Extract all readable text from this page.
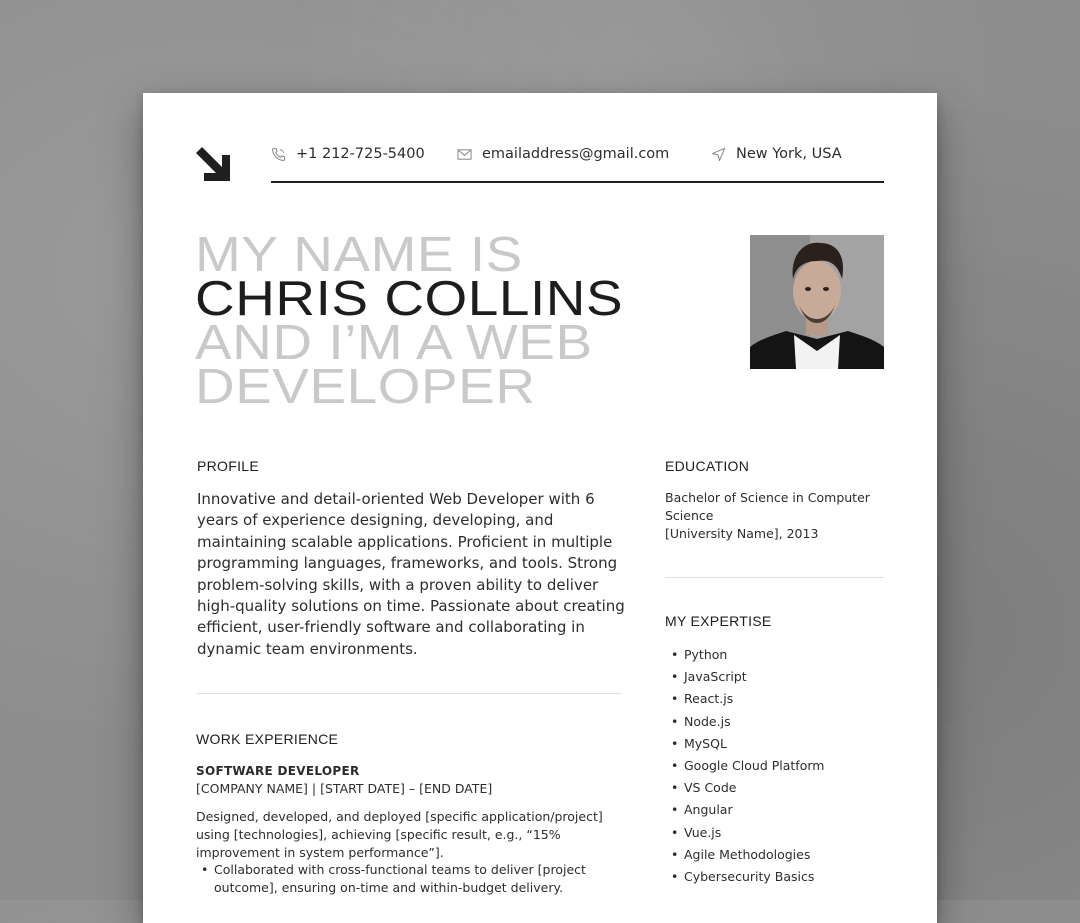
+1 212-725-5400	emailaddress@gmail.com	New York, USA
MY NAME IS
CHRIS COLLINS
AND I’M A WEB
DEVELOPER
PROFILE
Innovative and detail-oriented Web Developer with 6 years of experience designing, developing, and maintaining scalable applications. Proficient in multiple programming languages, frameworks, and tools. Strong problem-solving skills, with a proven ability to deliver high-quality solutions on time. Passionate about creating efficient, user-friendly software and collaborating in dynamic team environments.
WORK EXPERIENCE
SOFTWARE DEVELOPER
[COMPANY NAME] | [START DATE] – [END DATE]
Designed, developed, and deployed [specific application/project] using [technologies], achieving [specific result, e.g., “15% improvement in system performance”].
• Collaborated with cross-functional teams to deliver [project outcome], ensuring on-time and within-budget delivery.
EDUCATION
Bachelor of Science in Computer Science
[University Name], 2013
MY EXPERTISE
• Python
• JavaScript
• React.js
• Node.js
• MySQL
• Google Cloud Platform
• VS Code
• Angular
• Vue.js
• Agile Methodologies
• Cybersecurity Basics
